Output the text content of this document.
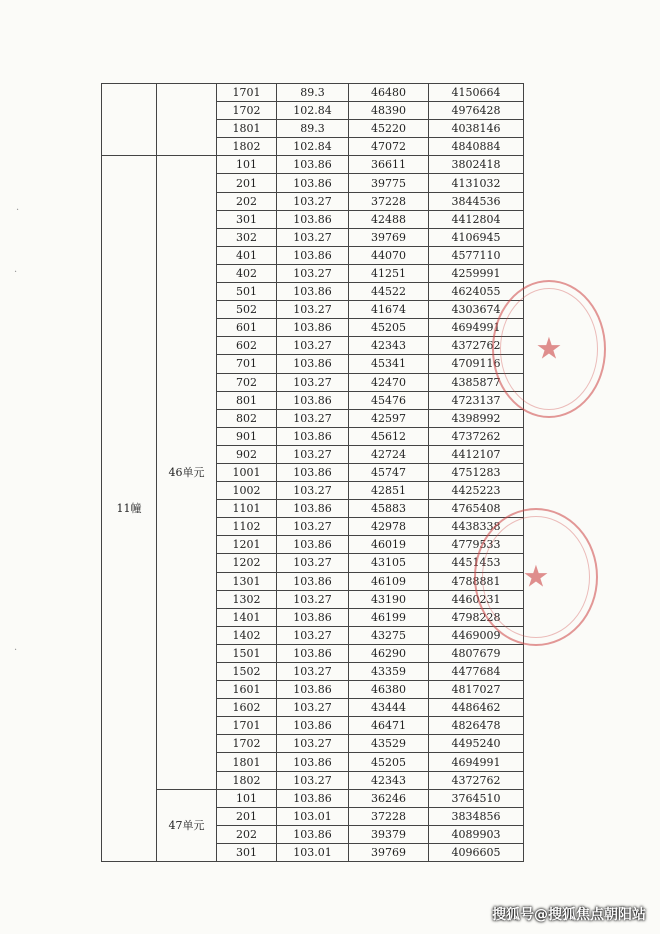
		1701	89.3	46480	4150664
		1702	102.84	48390	4976428
		1801	89.3	45220	4038146
		1802	102.84	47072	4840884
11幢	46单元	101	103.86	36611	3802418
		201	103.86	39775	4131032
		202	103.27	37228	3844536
		301	103.86	42488	4412804
		302	103.27	39769	4106945
		401	103.86	44070	4577110
		402	103.27	41251	4259991
		501	103.86	44522	4624055
		502	103.27	41674	4303674
		601	103.86	45205	4694991
		602	103.27	42343	4372762
		701	103.86	45341	4709116
		702	103.27	42470	4385877
		801	103.86	45476	4723137
		802	103.27	42597	4398992
		901	103.86	45612	4737262
		902	103.27	42724	4412107
		1001	103.86	45747	4751283
		1002	103.27	42851	4425223
		1101	103.86	45883	4765408
		1102	103.27	42978	4438338
		1201	103.86	46019	4779533
		1202	103.27	43105	4451453
		1301	103.86	46109	4788881
		1302	103.27	43190	4460231
		1401	103.86	46199	4798228
		1402	103.27	43275	4469009
		1501	103.86	46290	4807679
		1502	103.27	43359	4477684
		1601	103.86	46380	4817027
		1602	103.27	43444	4486462
		1701	103.86	46471	4826478
		1702	103.27	43529	4495240
		1801	103.86	45205	4694991
		1802	103.27	42343	4372762
	47单元	101	103.86	36246	3764510
		201	103.01	37228	3834856
		202	103.86	39379	4089903
		301	103.01	39769	4096605
·
·
·
★
★
搜狐号@搜狐焦点朝阳站
